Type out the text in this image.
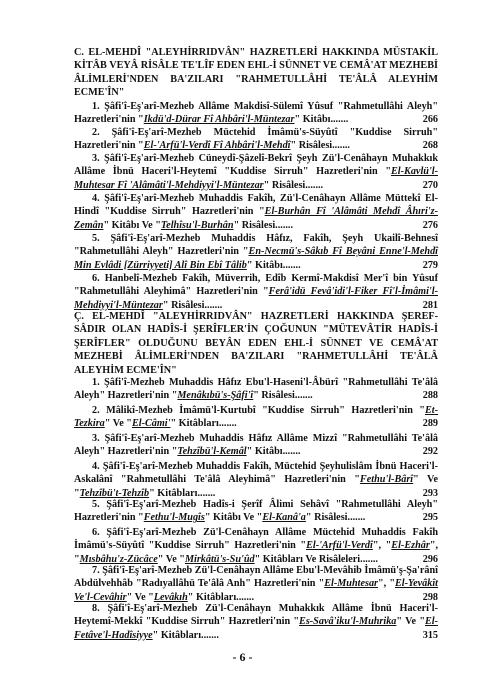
C. EL-MEHDÎ "ALEYHİRRIDVÂN" HAZRETLERİ HAKKINDA MÜSTAKİL KİTÂB VEYÂ RİSÂLE TE'LÎF EDEN EHL-İ SÜNNET VE CEMÂ'AT MEZHEBİ ÂLİMLERİ'NDEN BA'ZILARI "RAHMETULLÂHİ TE'ÂLÂ ALEYHİM ECME'ÎN"
1. Şâfi'î-Eş'arî-Mezheb Allâme Makdisî-Sülemî Yûsuf "Rahmetullâhi Aleyh" Hazretleri'nin "Ikdü'd-Dürar Fî Ahbâri'l-Müntezar" Kitâbı.......	266
2. Şâfi'î-Eş'arî-Mezheb Müctehid İmâmü's-Süyûtî "Kuddise Sirruh" Hazretleri'nin "El-'Arfü'l-Verdî Fî Ahbâri'l-Mehdî" Risâlesi.......	268
3. Şâfi'î-Eş'arî-Mezheb Cüneydî-Şâzelî-Bekrî Şeyh Zü'l-Cenâhayn Muhakkık Allâme İbnü Haceri'l-Heytemî "Kuddise Sirruh" Hazretleri'nin "El-Kavlü'l-Muhtesar Fî 'Alâmâti'l-Mehdiyyi'l-Müntezar" Risâlesi.......	270
4. Şâfi'î-Eş'arî-Mezheb Muhaddis Fakîh, Zü'l-Cenâhayn Allâme Müttekî El-Hindî "Kuddise Sirruh" Hazretleri'nin "El-Burhân Fî 'Alâmâti Mehdî Âhıri'z-Zemân" Kitâbı Ve "Telhîsu'l-Burhân" Risâlesi.......	276
5. Şâfi'î-Eş'arî-Mezheb Muhaddis Hâfız, Fakîh, Şeyh Ukailî-Behnesî "Rahmetullâhi Aleyh" Hazretleri'nin "En-Necmü's-Sâkıb Fî Beyâni Enne'l-Mehdî Min Evlâdi [Zürriyyeti] Alî Bin Ebî Tâlib" Kitâbı.......	279
6. Hanbelî-Mezheb Fakîh, Müverrih, Edîb Kermî-Makdisî Mer'î bin Yûsuf "Rahmetullâhi Aleyhimâ" Hazretleri'nin "Ferâ'idü Fevâ'idi'l-Fiker Fî'l-İmâmi'l-Mehdiyyi'l-Müntezar" Risâlesi.......	281
Ç. EL-MEHDÎ "ALEYHİRRIDVÂN" HAZRETLERİ HAKKINDA ŞEREF-SÂDIR OLAN HADÎS-İ ŞERÎFLER'İN ÇOĞUNUN "MÜTEVÂTİR HADÎS-İ ŞERÎFLER" OLDUĞUNU BEYÂN EDEN EHL-İ SÜNNET VE CEMÂ'AT MEZHEBİ ÂLİMLERİ'NDEN BA'ZILARI "RAHMETULLÂHİ TE'ÂLÂ ALEYHİM ECME'ÎN"
1. Şâfi'î-Mezheb Muhaddis Hâfız Ebu'l-Haseni'l-Âbürî "Rahmetullâhi Te'âlâ Aleyh" Hazretleri'nin "Menâkıbü's-Şâfi'î" Risâlesi.......	288
2. Mâlikî-Mezheb İmâmü'l-Kurtubî "Kuddise Sirruh" Hazretleri'nin "Et-Tezkira" Ve "El-Câmi'" Kitâbları.......	289
3. Şâfi'î-Eş'arî-Mezheb Muhaddis Hâfız Allâme Mizzî "Rahmetullâhi Te'âlâ Aleyh" Hazretleri'nin "Tehzîbü'l-Kemâl" Kitâbı.......	292
4. Şâfi'î-Eş'arî-Mezheb Muhaddis Fakîh, Müctehid Şeyhulislâm İbnü Haceri'l-Askalânî "Rahmetullâhi Te'âlâ Aleyhimâ" Hazretleri'nin "Fethu'l-Bârî" Ve "Tehzîbü't-Tehzîb" Kitâbları.......	293
5. Şâfi'î-Eş'arî-Mezheb Hadîs-i Şerîf Âlimi Sehâvî "Rahmetullâhi Aleyh" Hazretleri'nin "Fethu'l-Mugîs" Kitâbı Ve "El-Kanâ'a" Risâlesi.......	295
6. Şâfi'î-Eş'arî-Mezheb Zü'l-Cenâhayn Allâme Müctehid Muhaddis Fakîh İmâmü's-Süyûtî "Kuddise Sirruh" Hazretleri'nin "El-'Arfü'l-Verdî", "El-Ezhâr", "Mısbâhu'z-Zücâce" Ve "Mirkâtü's-Su'ûd" Kitâbları Ve Risâleleri.......	296
7. Şâfi'î-Eş'arî-Mezheb Zü'l-Cenâhayn Allâme Ebu'l-Mevâhib İmâmü'ş-Şa'rânî Abdülvehhâb "Radıyallâhü Te'âlâ Anh" Hazretleri'nin "El-Muhtesar", "El-Yevâkît Ve'l-Cevâhir" Ve "Levâkıh" Kitâbları.......	298
8. Şâfi'î-Eş'arî-Mezheb Zü'l-Cenâhayn Muhakkık Allâme İbnü Haceri'l-Heytemî-Mekkî "Kuddise Sirruh" Hazretleri'nin "Es-Savâ'iku'l-Muhrika" Ve "El-Fetâve'l-Hadîsiyye" Kitâbları.......	315
- 6 -
